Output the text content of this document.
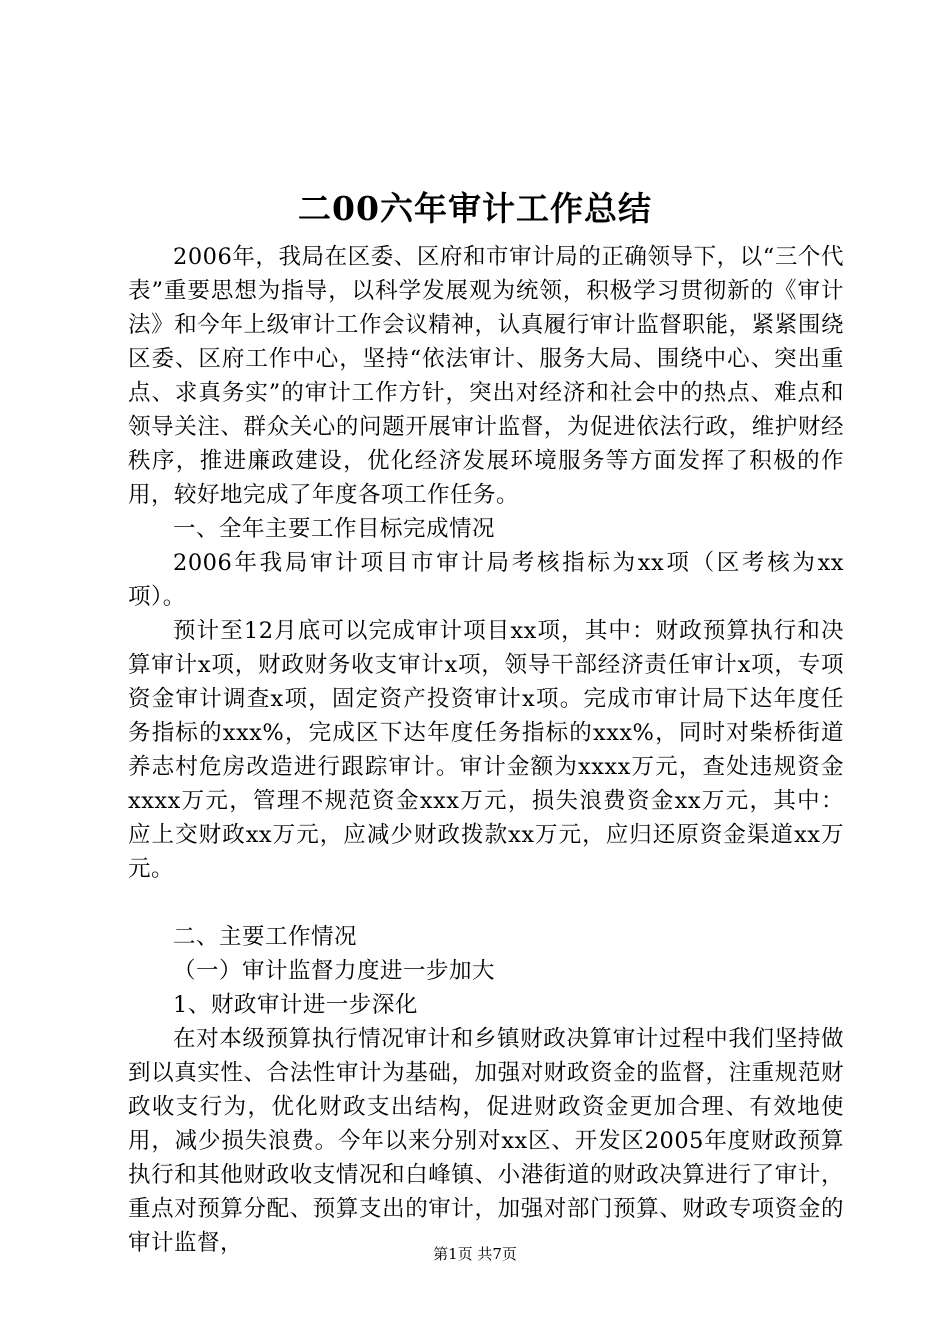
二00六年审计工作总结

2006年，我局在区委、区府和市审计局的正确领导下，以“三个代表”重要思想为指导，以科学发展观为统领，积极学习贯彻新的《审计法》和今年上级审计工作会议精神，认真履行审计监督职能，紧紧围绕区委、区府工作中心，坚持“依法审计、服务大局、围绕中心、突出重点、求真务实”的审计工作方针，突出对经济和社会中的热点、难点和领导关注、群众关心的问题开展审计监督，为促进依法行政，维护财经秩序，推进廉政建设，优化经济发展环境服务等方面发挥了积极的作用，较好地完成了年度各项工作任务。

一、全年主要工作目标完成情况

2006年我局审计项目市审计局考核指标为xx项（区考核为xx项）。

预计至12月底可以完成审计项目xx项，其中：财政预算执行和决算审计x项，财政财务收支审计x项，领导干部经济责任审计x项，专项资金审计调查x项，固定资产投资审计x项。完成市审计局下达年度任务指标的xxx%，完成区下达年度任务指标的xxx%，同时对柴桥街道养志村危房改造进行跟踪审计。审计金额为xxxx万元，查处违规资金xxxx万元，管理不规范资金xxx万元，损失浪费资金xx万元，其中：应上交财政xx万元，应减少财政拨款xx万元，应归还原资金渠道xx万元。

二、主要工作情况

（一）审计监督力度进一步加大

1、财政审计进一步深化

在对本级预算执行情况审计和乡镇财政决算审计过程中我们坚持做到以真实性、合法性审计为基础，加强对财政资金的监督，注重规范财政收支行为，优化财政支出结构，促进财政资金更加合理、有效地使用，减少损失浪费。今年以来分别对xx区、开发区2005年度财政预算执行和其他财政收支情况和白峰镇、小港街道的财政决算进行了审计，重点对预算分配、预算支出的审计，加强对部门预算、财政专项资金的审计监督，	第1页 共7页
